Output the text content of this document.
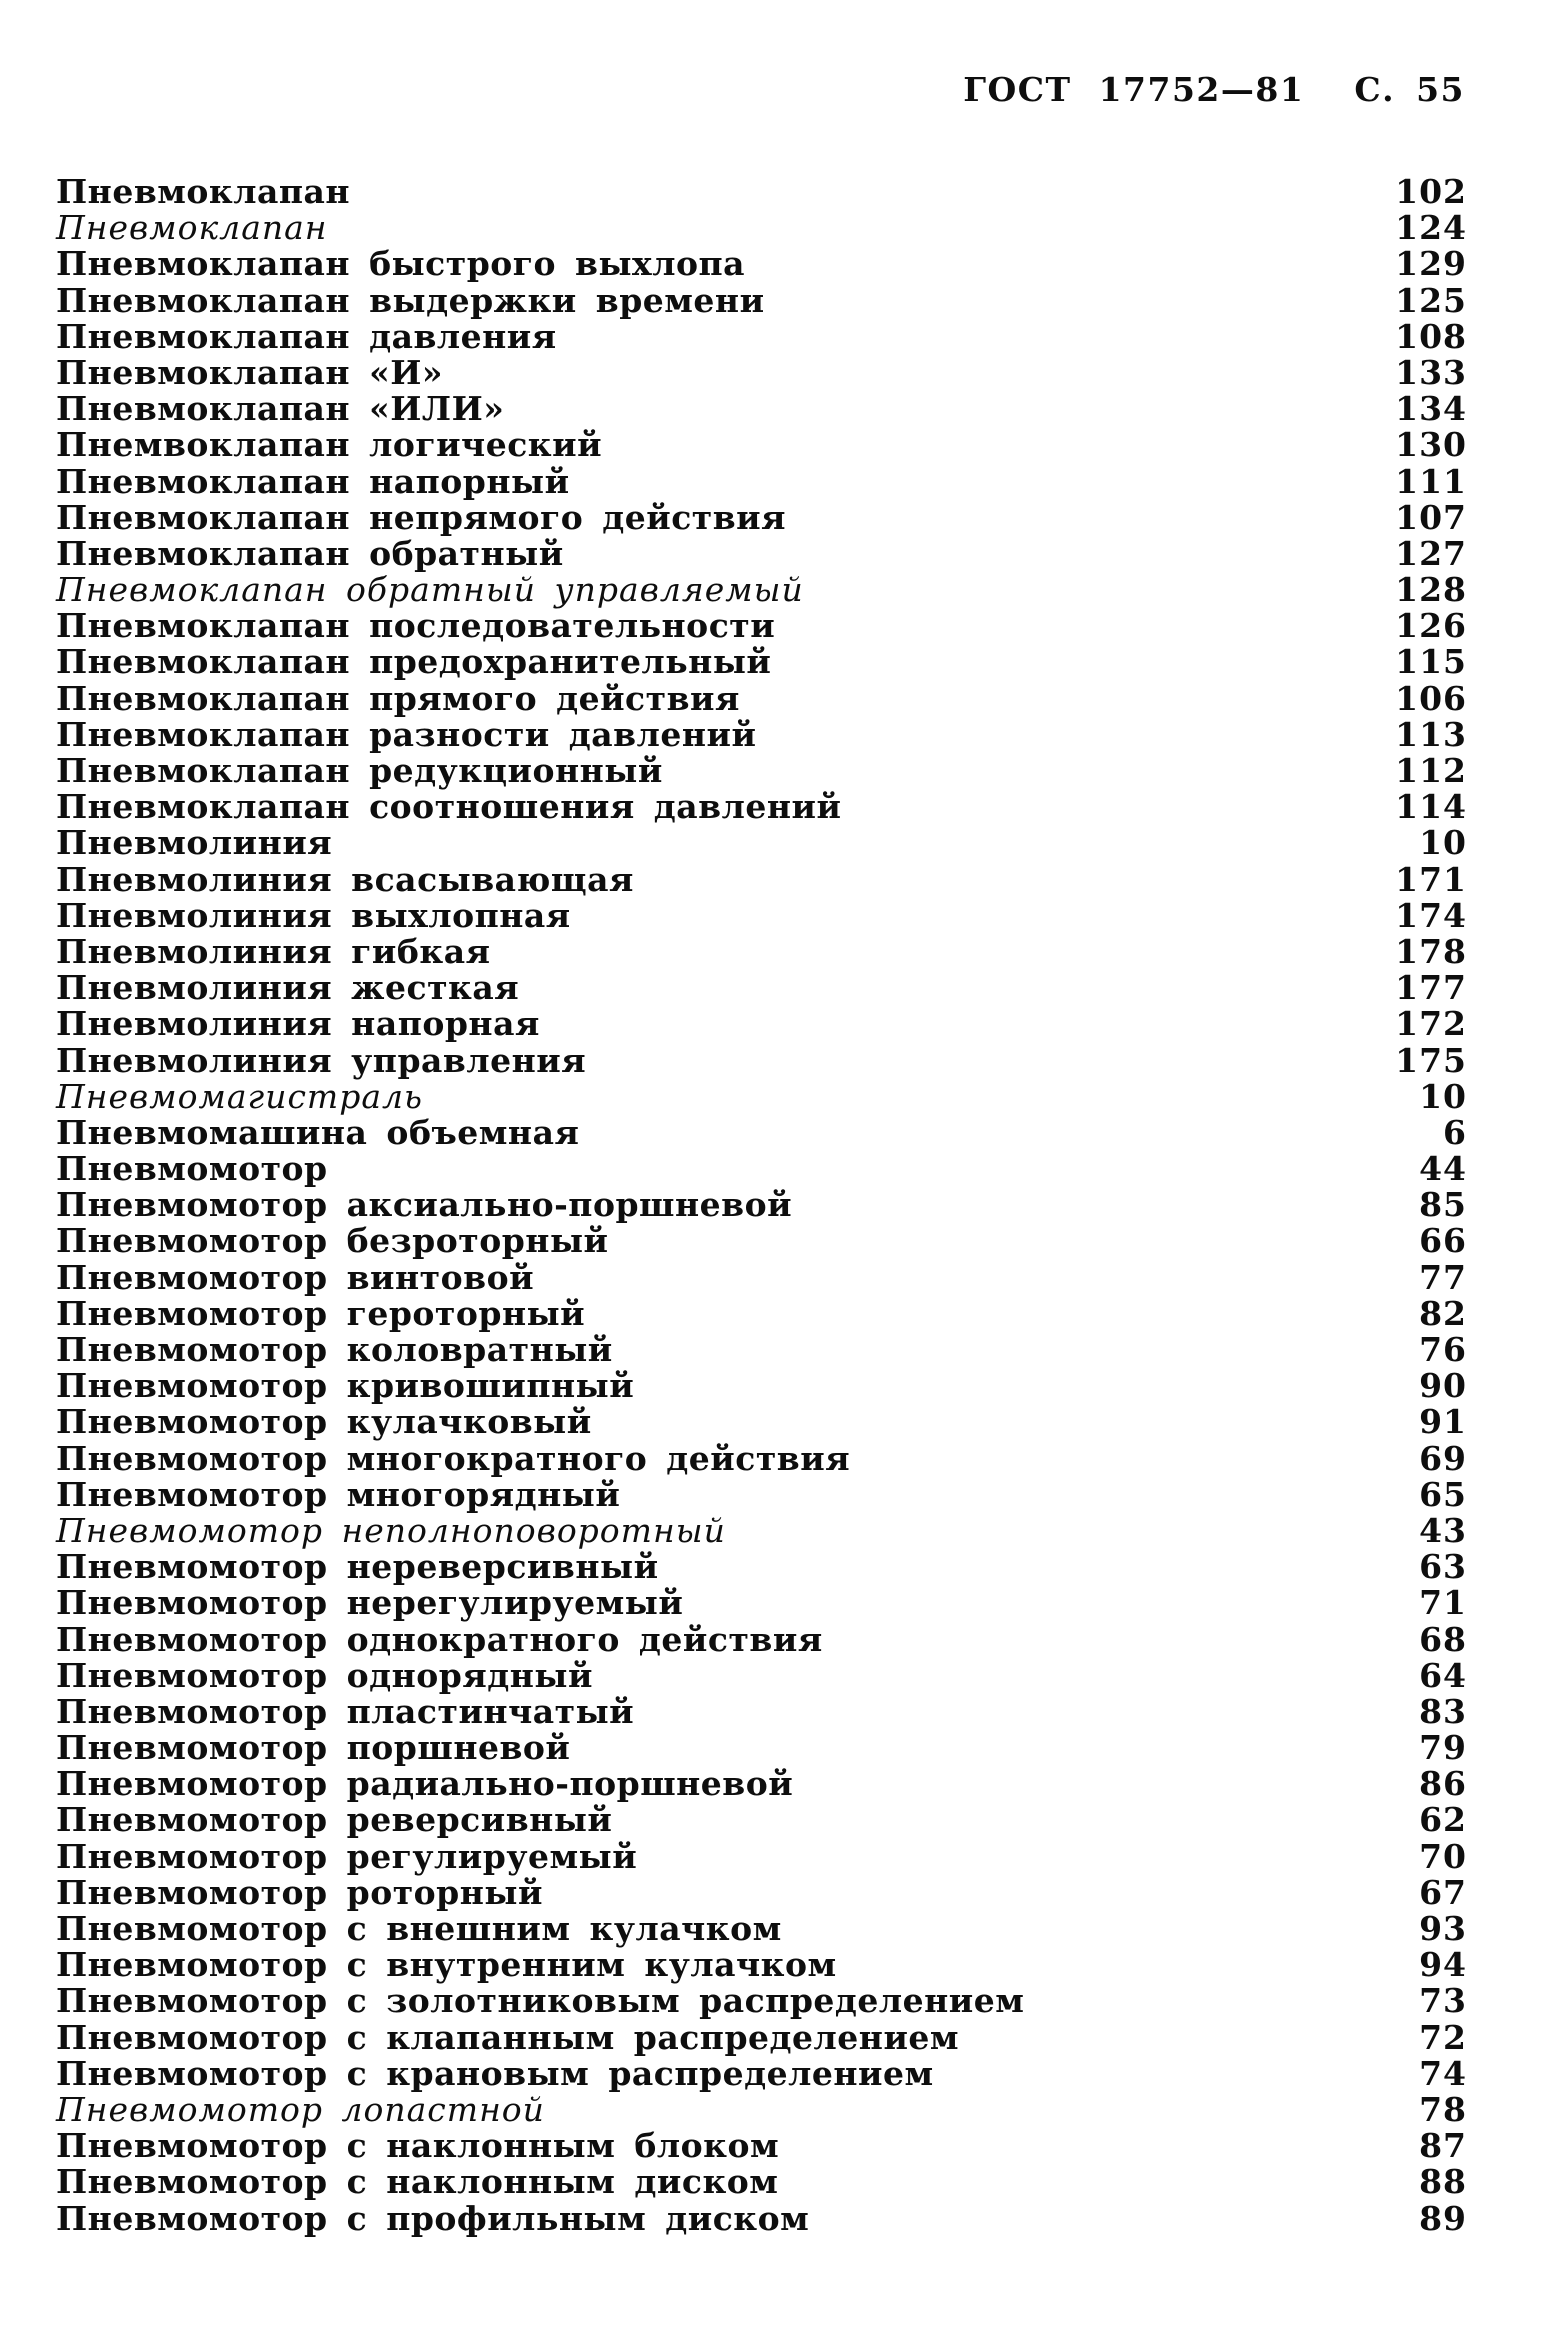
ГОСТ 17752—81 С. 55
Пневмоклапан	102
Пневмоклапан	124
Пневмоклапан быстрого выхлопа	129
Пневмоклапан выдержки времени	125
Пневмоклапан давления	108
Пневмоклапан «И»	133
Пневмоклапан «ИЛИ»	134
Пнемвоклапан логический	130
Пневмоклапан напорный	111
Пневмоклапан непрямого действия	107
Пневмоклапан обратный	127
Пневмоклапан обратный управляемый	128
Пневмоклапан последовательности	126
Пневмоклапан предохранительный	115
Пневмоклапан прямого действия	106
Пневмоклапан разности давлений	113
Пневмоклапан редукционный	112
Пневмоклапан соотношения давлений	114
Пневмолиния	10
Пневмолиния всасывающая	171
Пневмолиния выхлопная	174
Пневмолиния гибкая	178
Пневмолиния жесткая	177
Пневмолиния напорная	172
Пневмолиния управления	175
Пневмомагистраль	10
Пневмомашина объемная	6
Пневмомотор	44
Пневмомотор аксиально-поршневой	85
Пневмомотор безроторный	66
Пневмомотор винтовой	77
Пневмомотор героторный	82
Пневмомотор коловратный	76
Пневмомотор кривошипный	90
Пневмомотор кулачковый	91
Пневмомотор многократного действия	69
Пневмомотор многорядный	65
Пневмомотор неполноповоротный	43
Пневмомотор нереверсивный	63
Пневмомотор нерегулируемый	71
Пневмомотор однократного действия	68
Пневмомотор однорядный	64
Пневмомотор пластинчатый	83
Пневмомотор поршневой	79
Пневмомотор радиально-поршневой	86
Пневмомотор реверсивный	62
Пневмомотор регулируемый	70
Пневмомотор роторный	67
Пневмомотор с внешним кулачком	93
Пневмомотор с внутренним кулачком	94
Пневмомотор с золотниковым распределением	73
Пневмомотор с клапанным распределением	72
Пневмомотор с крановым распределением	74
Пневмомотор лопастной	78
Пневмомотор с наклонным блоком	87
Пневмомотор с наклонным диском	88
Пневмомотор с профильным диском	89
